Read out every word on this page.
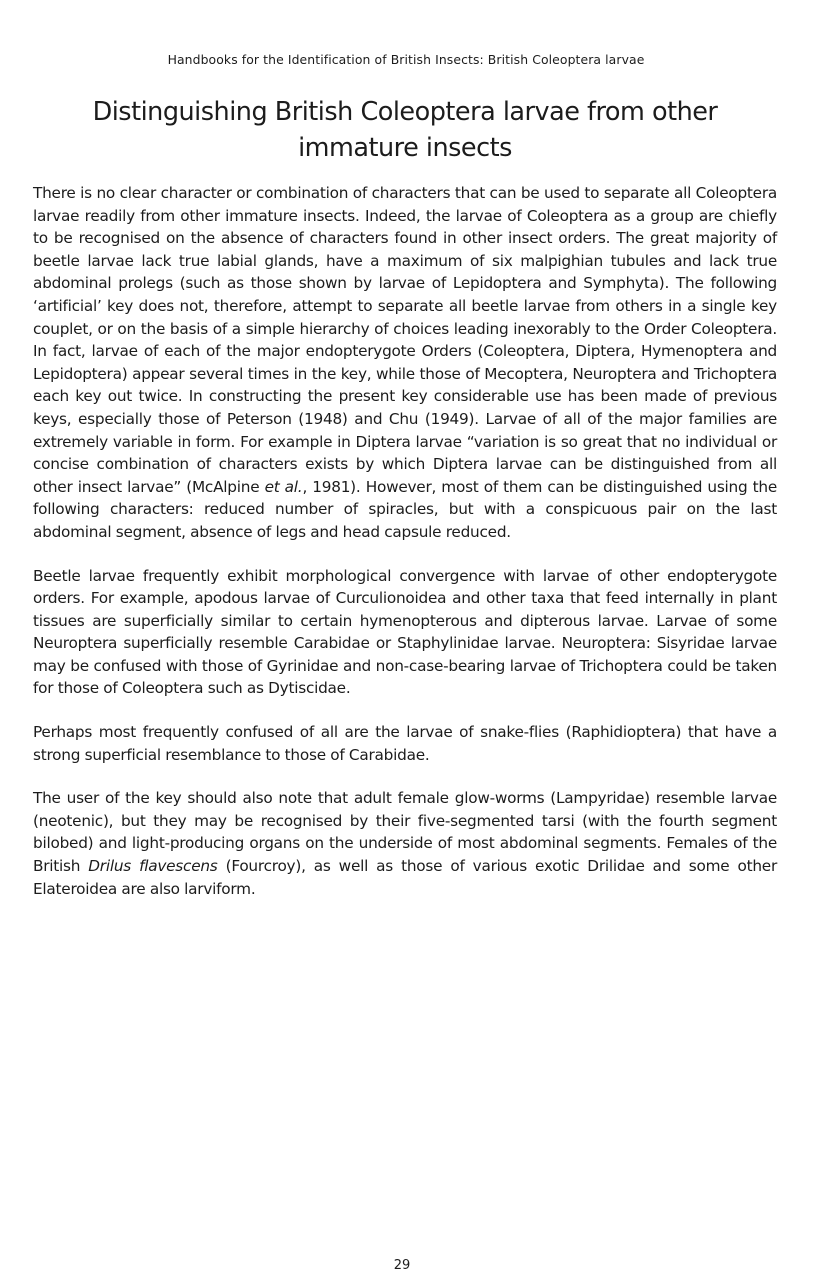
Handbooks for the Identification of British Insects: British Coleoptera larvae
Distinguishing British Coleoptera larvae from other immature insects

There is no clear character or combination of characters that can be used to separate all Coleoptera larvae readily from other immature insects. Indeed, the larvae of Coleoptera as a group are chiefly to be recognised on the absence of characters found in other insect orders. The great majority of beetle larvae lack true labial glands, have a maximum of six malpighian tubules and lack true abdominal prolegs (such as those shown by larvae of Lepidoptera and Symphyta). The following ‘artificial’ key does not, therefore, attempt to separate all beetle larvae from others in a single key couplet, or on the basis of a simple hierarchy of choices leading inexorably to the Order Coleoptera. In fact, larvae of each of the major endopterygote Orders (Coleoptera, Diptera, Hymenoptera and Lepidoptera) appear several times in the key, while those of Mecoptera, Neuroptera and Trichoptera each key out twice. In constructing the present key considerable use has been made of previous keys, especially those of Peterson (1948) and Chu (1949). Larvae of all of the major families are extremely variable in form. For example in Diptera larvae “variation is so great that no individual or concise combination of characters exists by which Diptera larvae can be distinguished from all other insect larvae” (McAlpine et al., 1981). However, most of them can be distinguished using the following characters: reduced number of spiracles, but with a conspicuous pair on the last abdominal segment, absence of legs and head capsule reduced.

Beetle larvae frequently exhibit morphological convergence with larvae of other endopterygote orders. For example, apodous larvae of Curculionoidea and other taxa that feed internally in plant tissues are superficially similar to certain hymenopterous and dipterous larvae. Larvae of some Neuroptera superficially resemble Carabidae or Staphylinidae larvae. Neuroptera: Sisyridae larvae may be confused with those of Gyrinidae and non-case-bearing larvae of Trichoptera could be taken for those of Coleoptera such as Dytiscidae.

Perhaps most frequently confused of all are the larvae of snake-flies (Raphidioptera) that have a strong superficial resemblance to those of Carabidae.

The user of the key should also note that adult female glow-worms (Lampyridae) resemble larvae (neotenic), but they may be recognised by their five-segmented tarsi (with the fourth segment bilobed) and light-producing organs on the underside of most abdominal segments. Females of the British Drilus flavescens (Fourcroy), as well as those of various exotic Drilidae and some other Elateroidea are also larviform.

29
